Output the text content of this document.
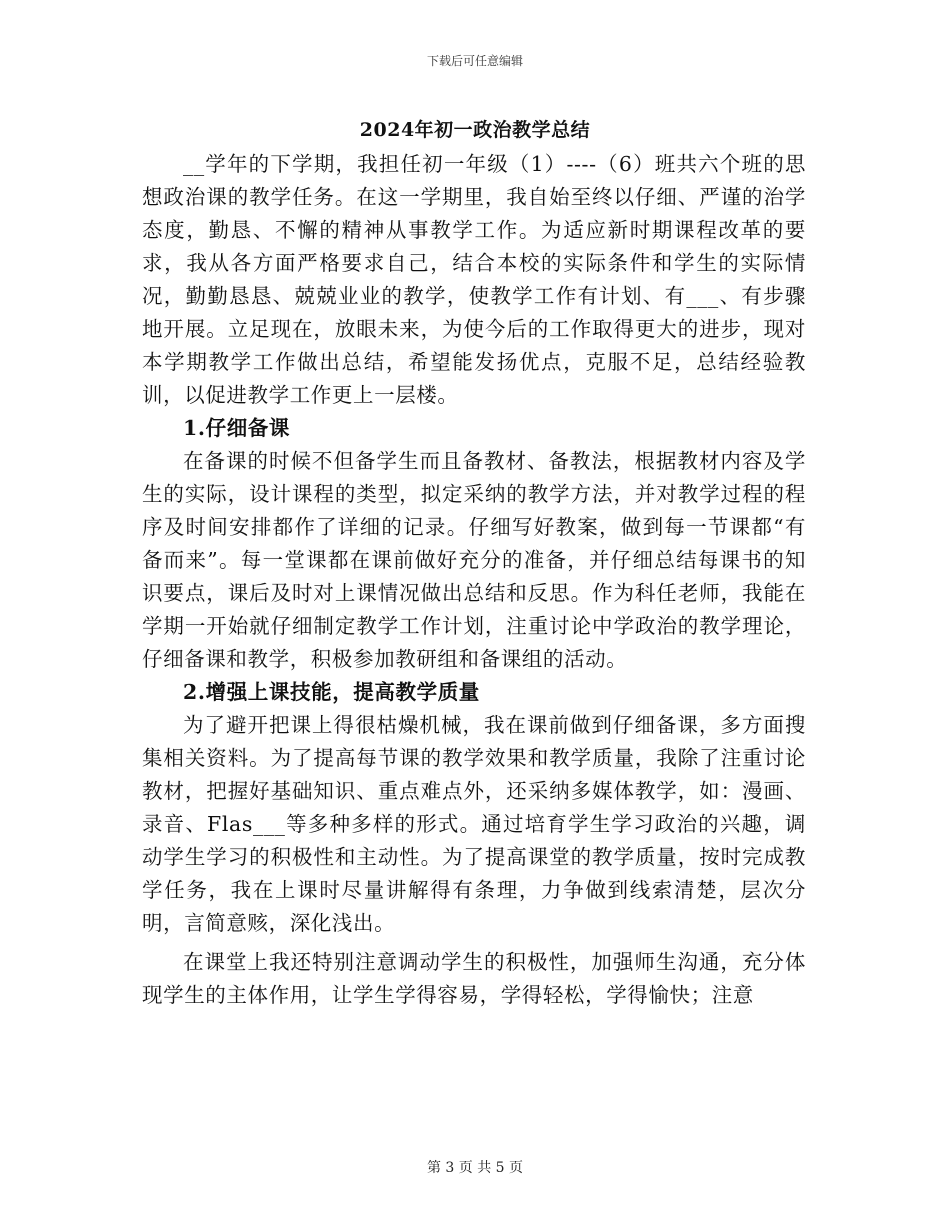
下载后可任意编辑
2024年初一政治教学总结

__学年的下学期，我担任初一年级（1）----（6）班共六个班的思想政治课的教学任务。在这一学期里，我自始至终以仔细、严谨的治学态度，勤恳、不懈的精神从事教学工作。为适应新时期课程改革的要求，我从各方面严格要求自己，结合本校的实际条件和学生的实际情况，勤勤恳恳、兢兢业业的教学，使教学工作有计划、有___、有步骤地开展。立足现在，放眼未来，为使今后的工作取得更大的进步，现对本学期教学工作做出总结，希望能发扬优点，克服不足，总结经验教训，以促进教学工作更上一层楼。

1.仔细备课

在备课的时候不但备学生而且备教材、备教法，根据教材内容及学生的实际，设计课程的类型，拟定采纳的教学方法，并对教学过程的程序及时间安排都作了详细的记录。仔细写好教案，做到每一节课都“有备而来”。每一堂课都在课前做好充分的准备，并仔细总结每课书的知识要点，课后及时对上课情况做出总结和反思。作为科任老师，我能在学期一开始就仔细制定教学工作计划，注重讨论中学政治的教学理论，仔细备课和教学，积极参加教研组和备课组的活动。

2.增强上课技能，提高教学质量

为了避开把课上得很枯燥机械，我在课前做到仔细备课，多方面搜集相关资料。为了提高每节课的教学效果和教学质量，我除了注重讨论教材，把握好基础知识、重点难点外，还采纳多媒体教学，如：漫画、录音、Flas___等多种多样的形式。通过培育学生学习政治的兴趣，调动学生学习的积极性和主动性。为了提高课堂的教学质量，按时完成教学任务，我在上课时尽量讲解得有条理，力争做到线索清楚，层次分明，言简意赅，深化浅出。

在课堂上我还特别注意调动学生的积极性，加强师生沟通，充分体现学生的主体作用，让学生学得容易，学得轻松，学得愉快；注意

第 3 页 共 5 页
